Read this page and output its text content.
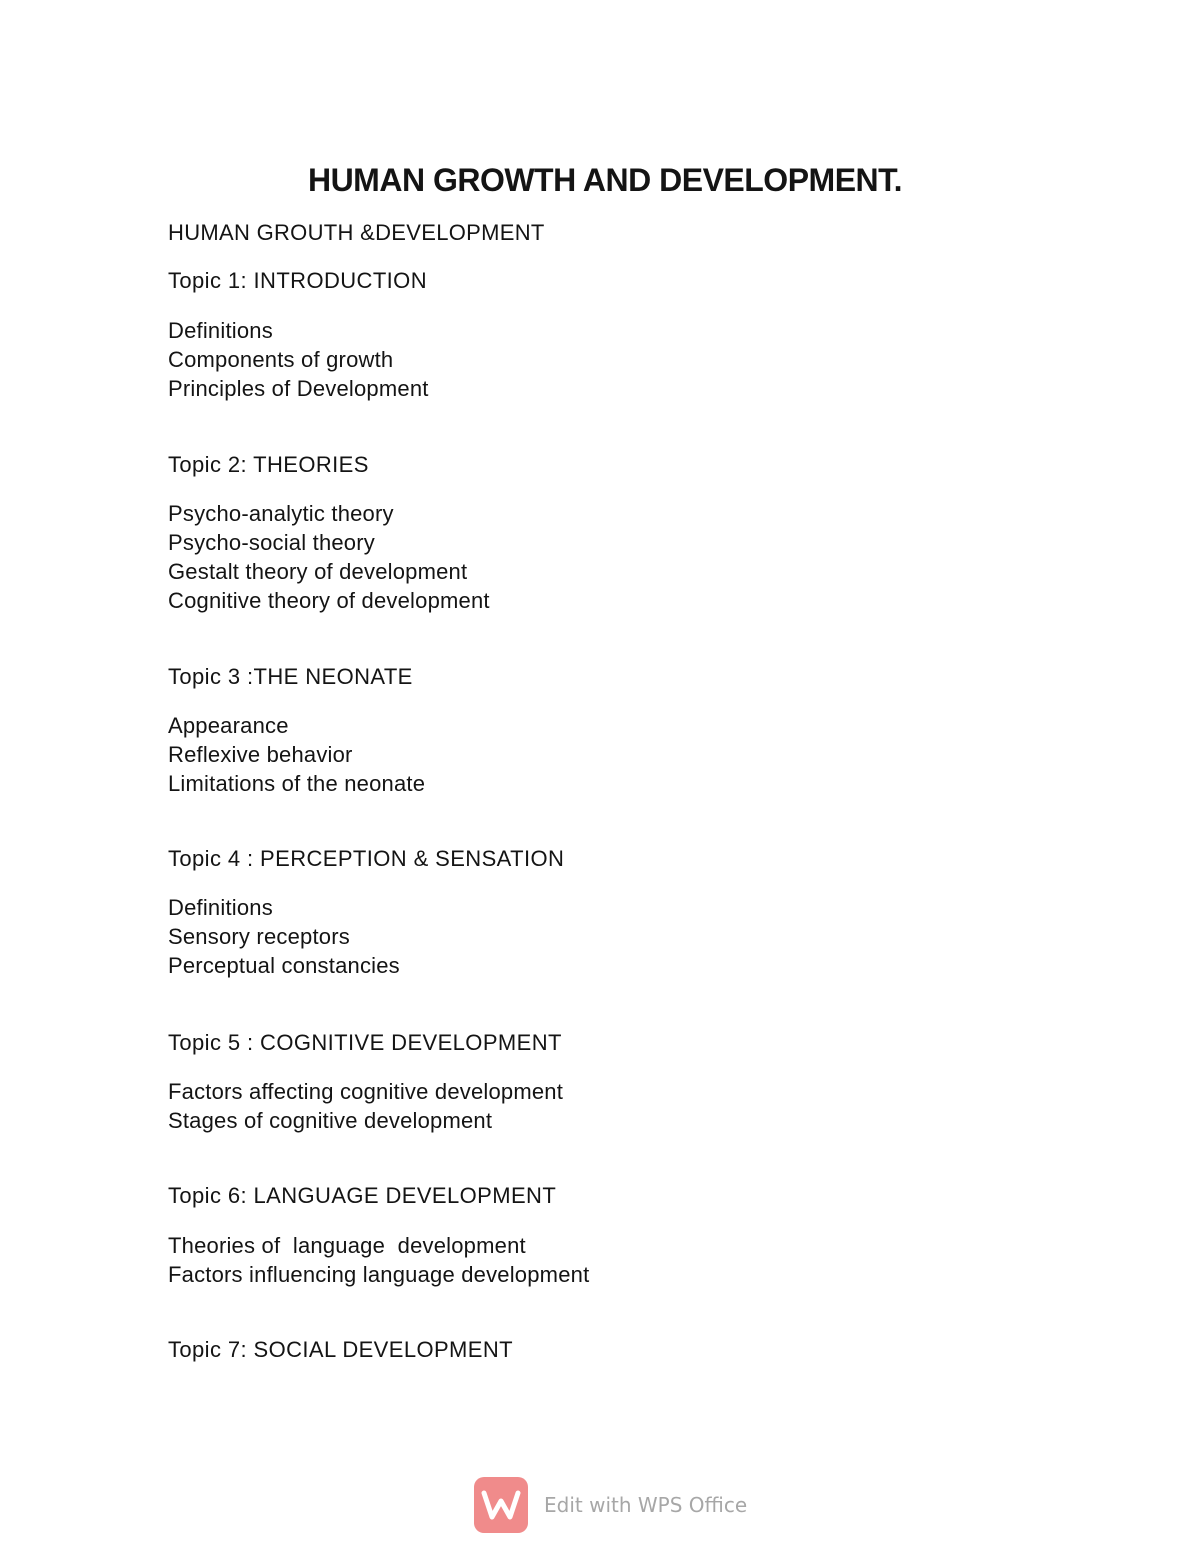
HUMAN GROWTH AND DEVELOPMENT.
HUMAN GROUTH &DEVELOPMENT
Topic 1: INTRODUCTION
Definitions
Components of growth
Principles of Development
Topic 2: THEORIES
Psycho-analytic theory
Psycho-social theory
Gestalt theory of development
Cognitive theory of development
Topic 3 :THE NEONATE
Appearance
Reflexive behavior
Limitations of the neonate
Topic 4 : PERCEPTION & SENSATION
Definitions
Sensory receptors
Perceptual constancies
Topic 5 : COGNITIVE DEVELOPMENT
Factors affecting cognitive development
Stages of cognitive development
Topic 6: LANGUAGE DEVELOPMENT
Theories of  language  development
Factors influencing language development
Topic 7: SOCIAL DEVELOPMENT
Edit with WPS Office
